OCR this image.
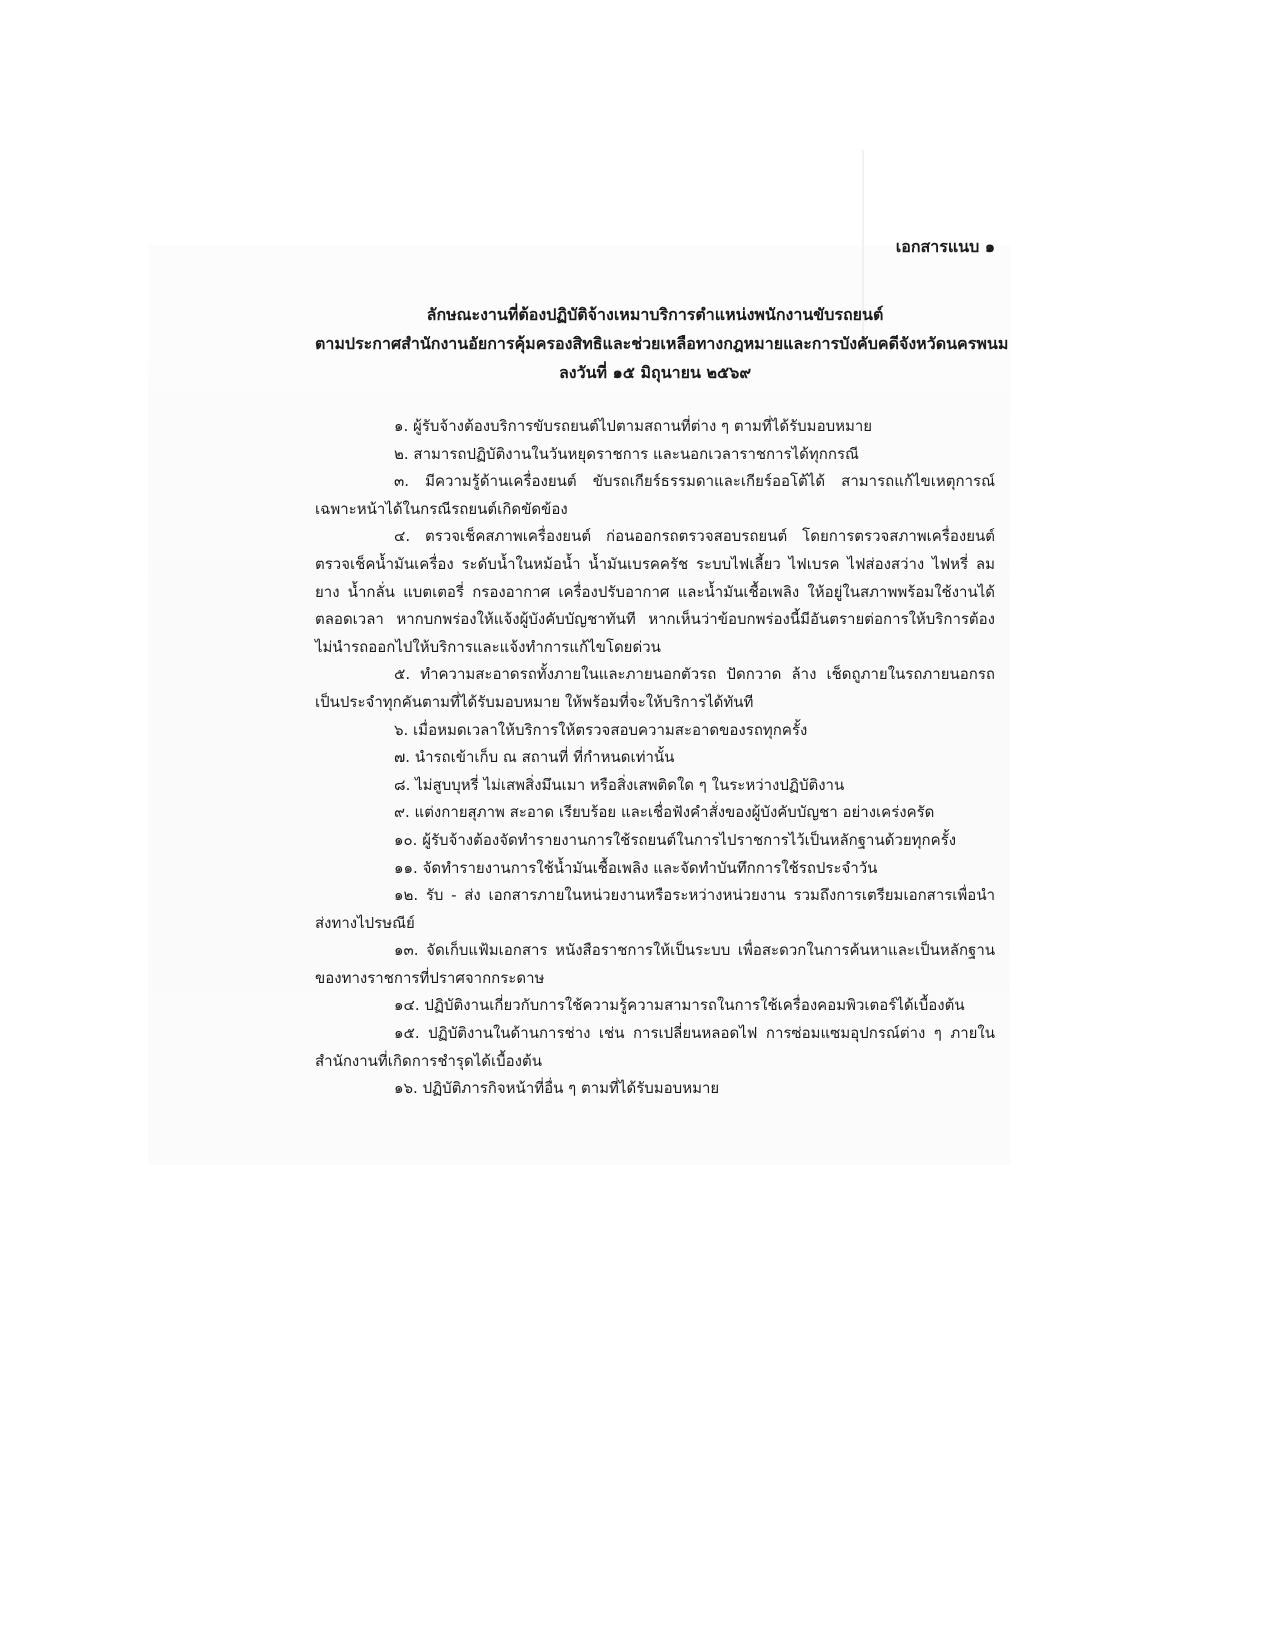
เอกสารแนบ ๑

ลักษณะงานที่ต้องปฏิบัติจ้างเหมาบริการตำแหน่งพนักงานขับรถยนต์
ตามประกาศสำนักงานอัยการคุ้มครองสิทธิและช่วยเหลือทางกฎหมายและการบังคับคดีจังหวัดนครพนม
ลงวันที่ ๑๕ มิถุนายน ๒๕๖๙

๑. ผู้รับจ้างต้องบริการขับรถยนต์ไปตามสถานที่ต่าง ๆ ตามที่ได้รับมอบหมาย

๒. สามารถปฏิบัติงานในวันหยุดราชการ และนอกเวลาราชการได้ทุกกรณี

๓. มีความรู้ด้านเครื่องยนต์ ขับรถเกียร์ธรรมดาและเกียร์ออโต้ได้ สามารถแก้ไขเหตุการณ์เฉพาะหน้าได้ในกรณีรถยนต์เกิดขัดข้อง

๔. ตรวจเช็คสภาพเครื่องยนต์ ก่อนออกรถตรวจสอบรถยนต์ โดยการตรวจสภาพเครื่องยนต์ ตรวจเช็คน้ำมันเครื่อง ระดับน้ำในหม้อน้ำ น้ำมันเบรคครัช ระบบไฟเลี้ยว ไฟเบรค ไฟส่องสว่าง ไฟหรี่ ลมยาง น้ำกลั่น แบตเตอรี่ กรองอากาศ เครื่องปรับอากาศ และน้ำมันเชื้อเพลิง ให้อยู่ในสภาพพร้อมใช้งานได้ตลอดเวลา หากบกพร่องให้แจ้งผู้บังคับบัญชาทันที หากเห็นว่าข้อบกพร่องนี้มีอันตรายต่อการให้บริการต้องไม่นำรถออกไปให้บริการและแจ้งทำการแก้ไขโดยด่วน

๕. ทำความสะอาดรถทั้งภายในและภายนอกตัวรถ ปัดกวาด ล้าง เช็ดถูภายในรถภายนอกรถเป็นประจำทุกคันตามที่ได้รับมอบหมาย ให้พร้อมที่จะให้บริการได้ทันที

๖. เมื่อหมดเวลาให้บริการให้ตรวจสอบความสะอาดของรถทุกครั้ง

๗. นำรถเข้าเก็บ ณ สถานที่ ที่กำหนดเท่านั้น

๘. ไม่สูบบุหรี่ ไม่เสพสิ่งมึนเมา หรือสิ่งเสพติดใด ๆ ในระหว่างปฏิบัติงาน

๙. แต่งกายสุภาพ สะอาด เรียบร้อย และเชื่อฟังคำสั่งของผู้บังคับบัญชา อย่างเคร่งครัด

๑๐. ผู้รับจ้างต้องจัดทำรายงานการใช้รถยนต์ในการไปราชการไว้เป็นหลักฐานด้วยทุกครั้ง

๑๑. จัดทำรายงานการใช้น้ำมันเชื้อเพลิง และจัดทำบันทึกการใช้รถประจำวัน

๑๒. รับ - ส่ง เอกสารภายในหน่วยงานหรือระหว่างหน่วยงาน รวมถึงการเตรียมเอกสารเพื่อนำส่งทางไปรษณีย์

๑๓. จัดเก็บแฟ้มเอกสาร หนังสือราชการให้เป็นระบบ เพื่อสะดวกในการค้นหาและเป็นหลักฐานของทางราชการที่ปราศจากกระดาษ

๑๔. ปฏิบัติงานเกี่ยวกับการใช้ความรู้ความสามารถในการใช้เครื่องคอมพิวเตอร์ได้เบื้องต้น

๑๕. ปฏิบัติงานในด้านการช่าง เช่น การเปลี่ยนหลอดไฟ การซ่อมแซมอุปกรณ์ต่าง ๆ ภายในสำนักงานที่เกิดการชำรุดได้เบื้องต้น

๑๖. ปฏิบัติภารกิจหน้าที่อื่น ๆ ตามที่ได้รับมอบหมาย
